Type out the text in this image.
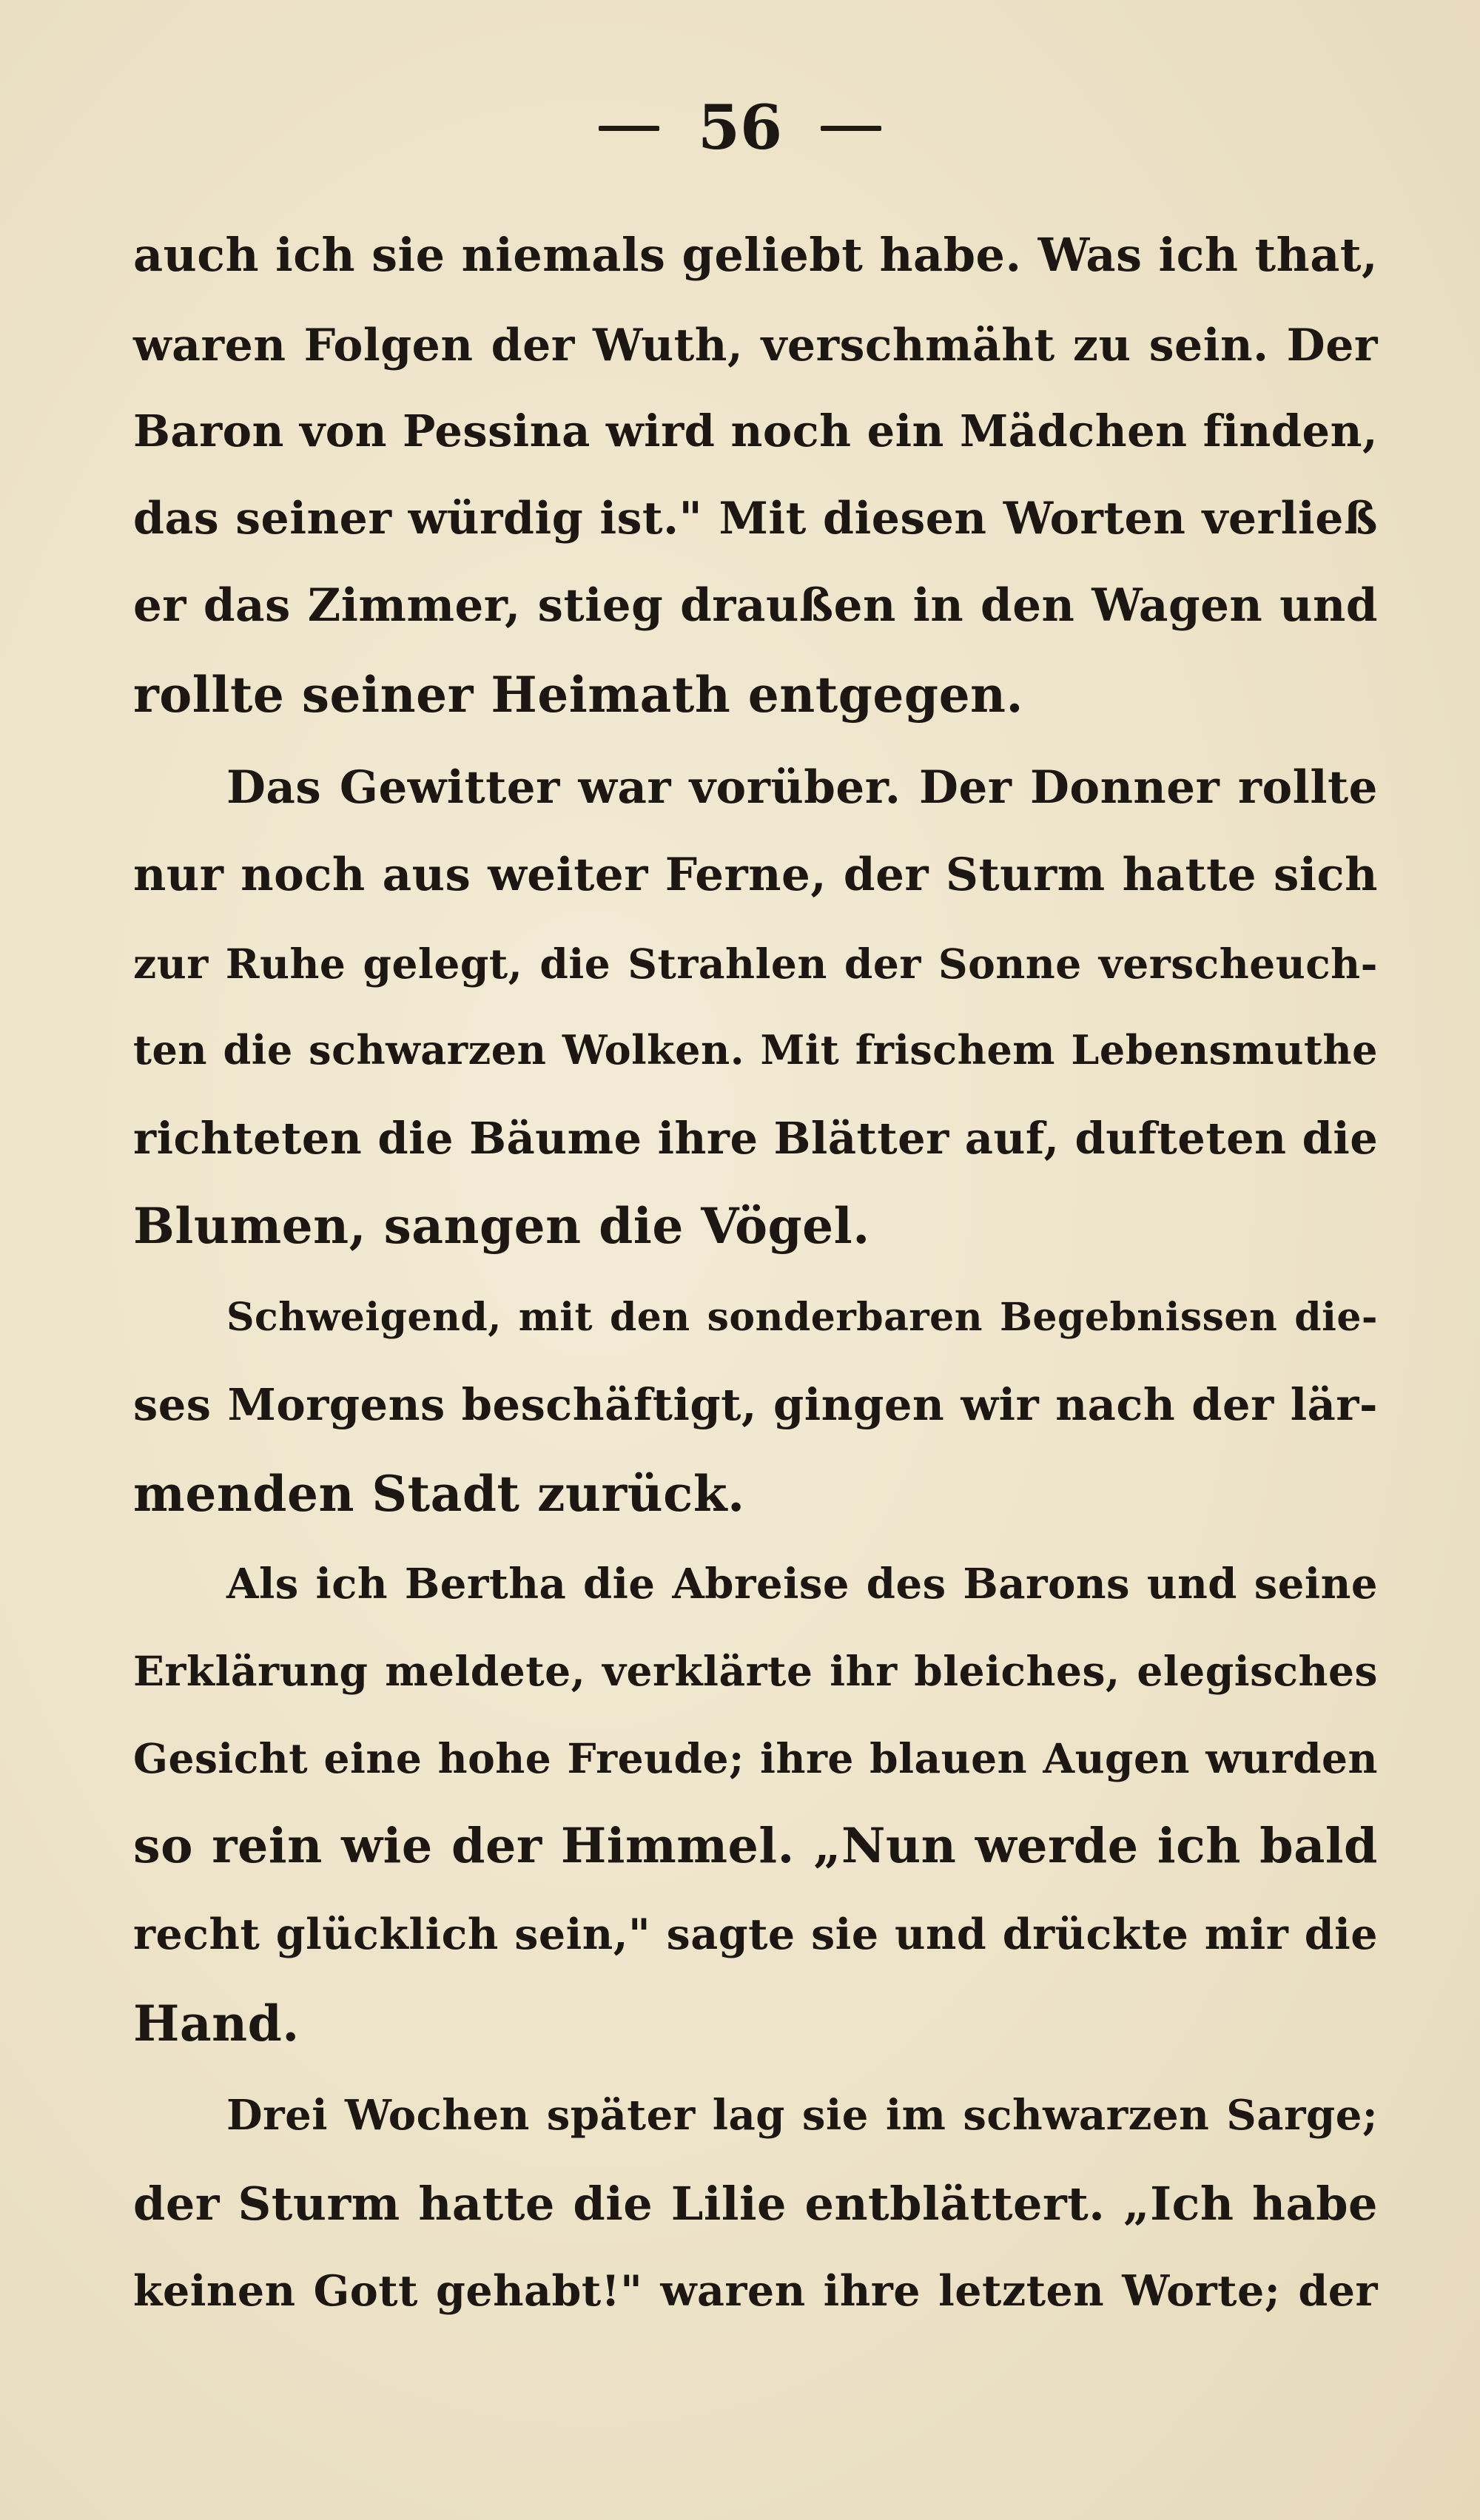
56
auch ich sie niemals geliebt habe. Was ich that,
waren Folgen der Wuth, verschmäht zu sein. Der
Baron von Pessina wird noch ein Mädchen finden,
das seiner würdig ist." Mit diesen Worten verließ
er das Zimmer, stieg draußen in den Wagen und
rollte seiner Heimath entgegen.
Das Gewitter war vorüber. Der Donner rollte
nur noch aus weiter Ferne, der Sturm hatte sich
zur Ruhe gelegt, die Strahlen der Sonne verscheuch-
ten die schwarzen Wolken. Mit frischem Lebensmuthe
richteten die Bäume ihre Blätter auf, dufteten die
Blumen, sangen die Vögel.
Schweigend, mit den sonderbaren Begebnissen die-
ses Morgens beschäftigt, gingen wir nach der lär-
menden Stadt zurück.
Als ich Bertha die Abreise des Barons und seine
Erklärung meldete, verklärte ihr bleiches, elegisches
Gesicht eine hohe Freude; ihre blauen Augen wurden
so rein wie der Himmel. „Nun werde ich bald
recht glücklich sein," sagte sie und drückte mir die
Hand.
Drei Wochen später lag sie im schwarzen Sarge;
der Sturm hatte die Lilie entblättert. „Ich habe
keinen Gott gehabt!" waren ihre letzten Worte; der
